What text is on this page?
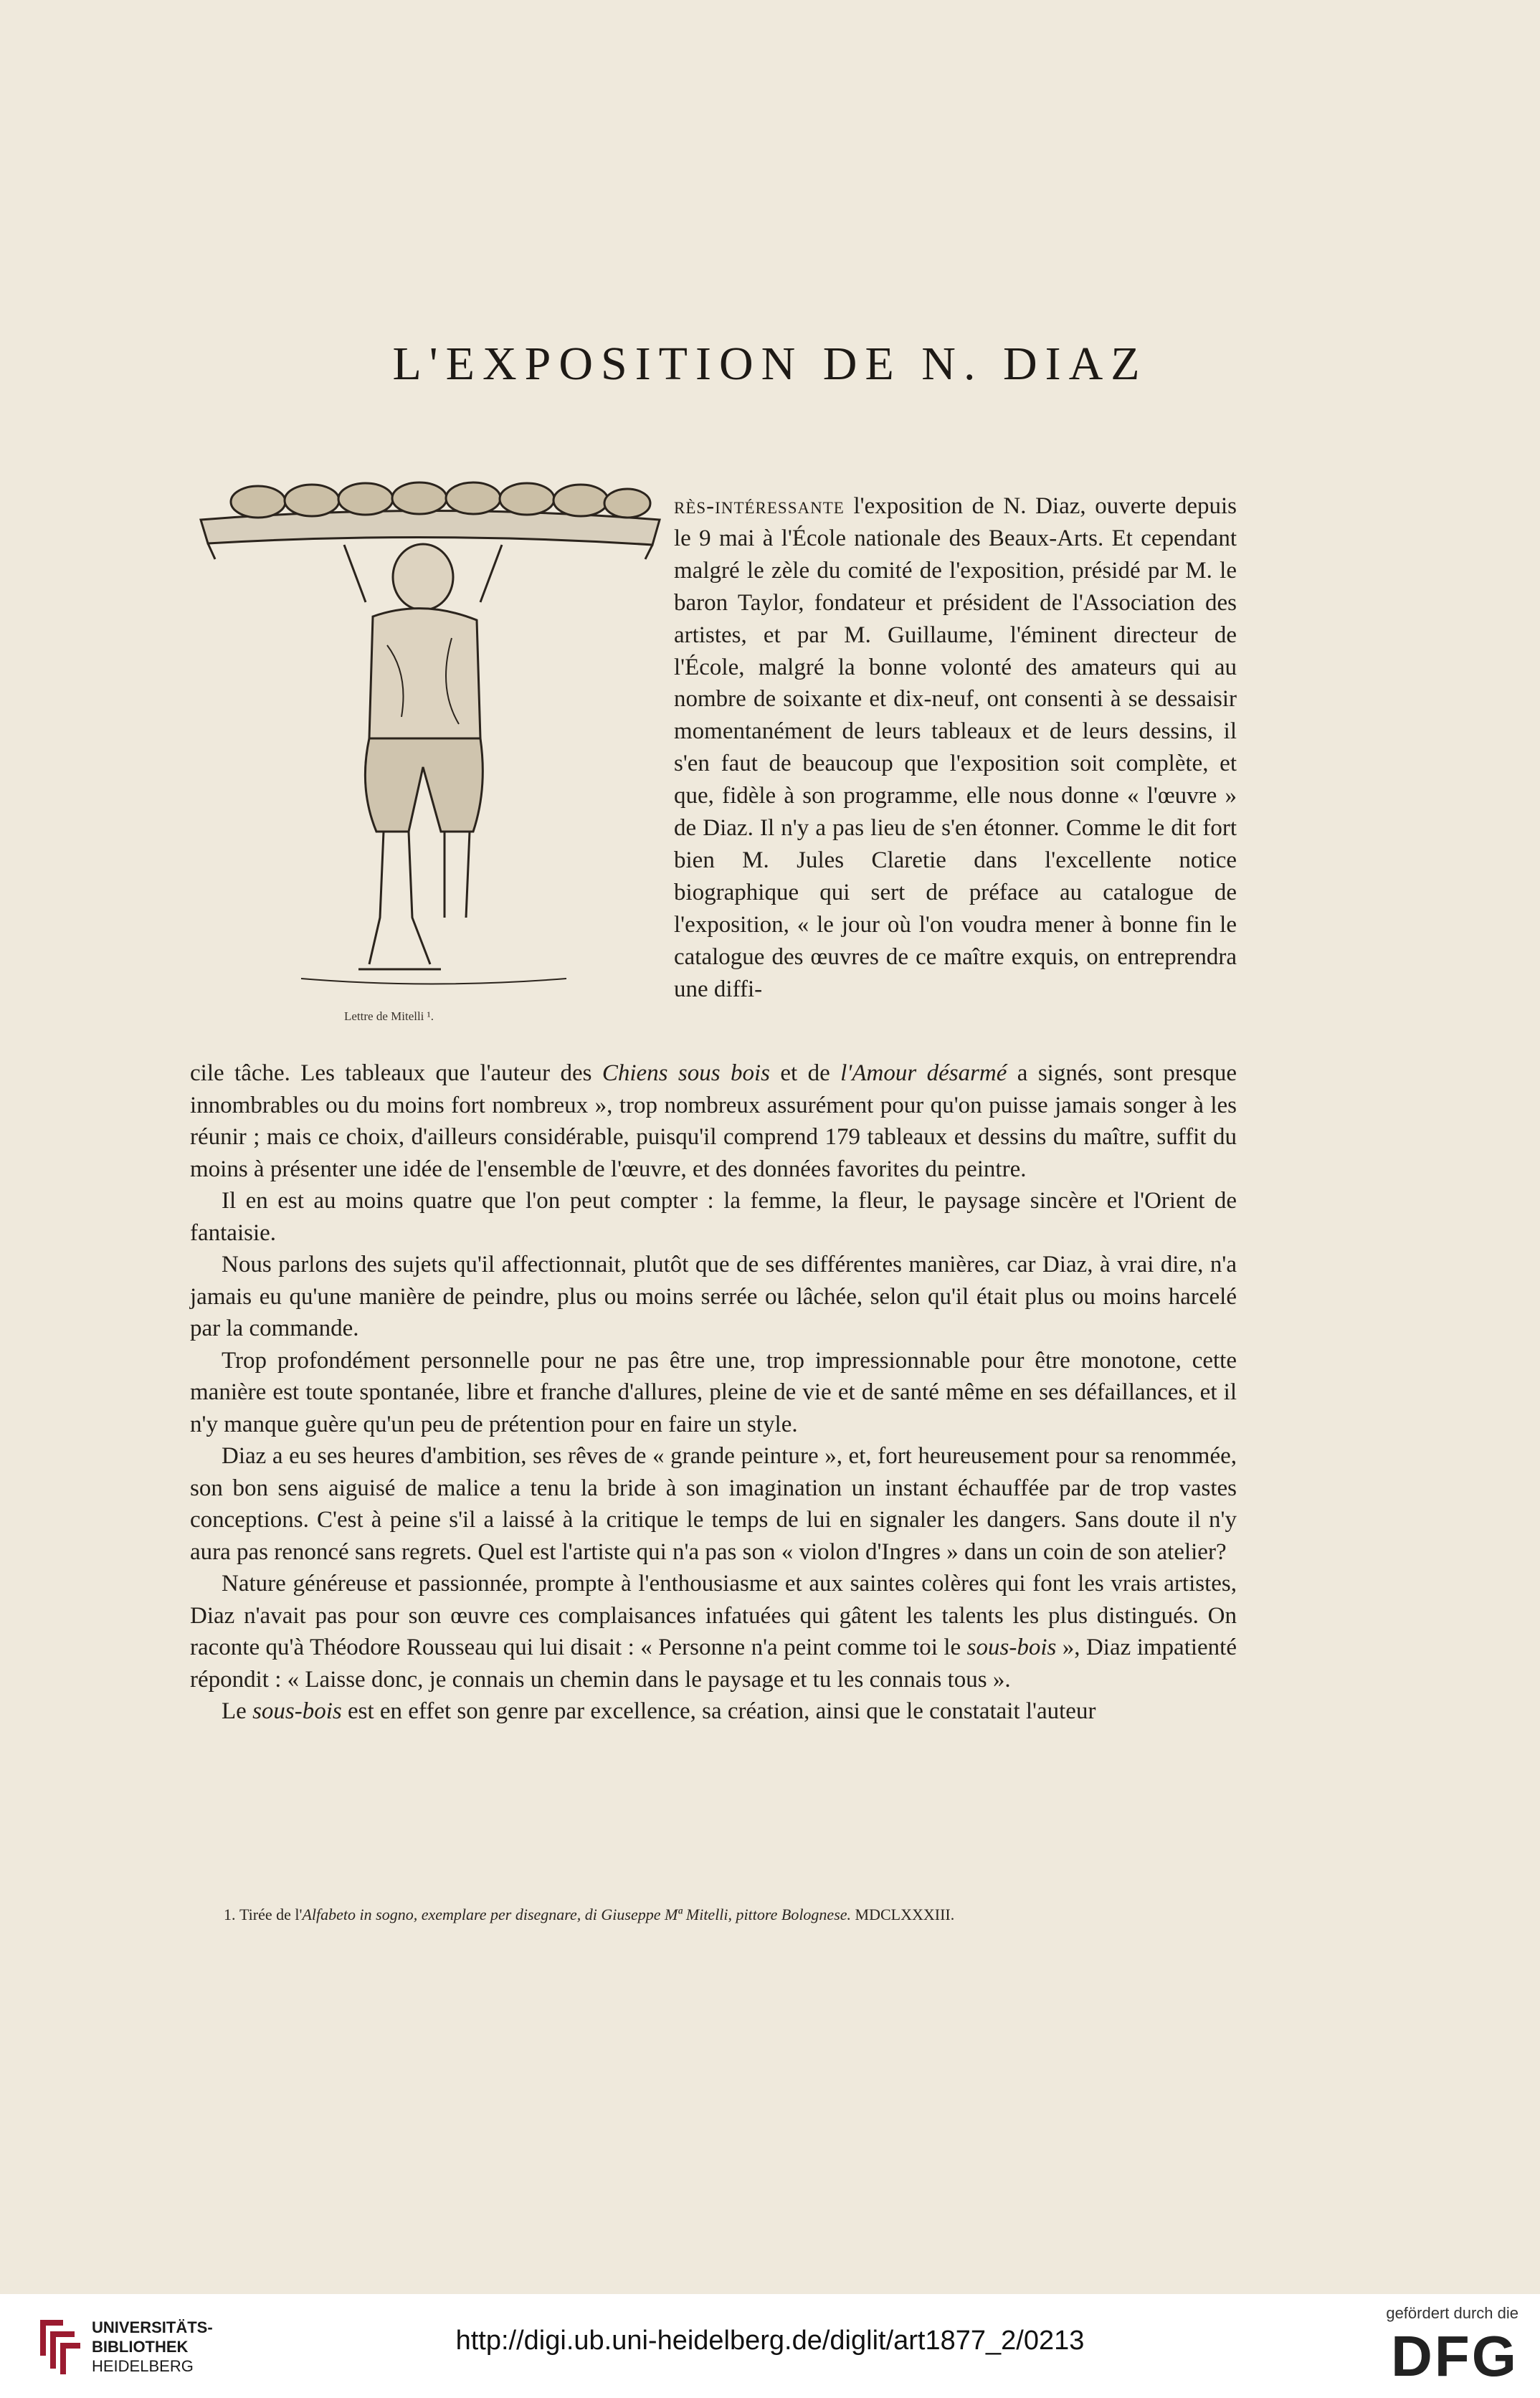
L'EXPOSITION DE N. DIAZ
Lettre de Mitelli ¹.

rès-intéressante l'exposition de N. Diaz, ouverte depuis le 9 mai à l'École nationale des Beaux-Arts. Et cependant malgré le zèle du comité de l'exposition, présidé par M. le baron Taylor, fondateur et président de l'Association des artistes, et par M. Guillaume, l'éminent directeur de l'École, malgré la bonne volonté des amateurs qui au nombre de soixante et dix-neuf, ont consenti à se dessaisir momentanément de leurs tableaux et de leurs dessins, il s'en faut de beaucoup que l'exposition soit complète, et que, fidèle à son programme, elle nous donne « l'œuvre » de Diaz. Il n'y a pas lieu de s'en étonner. Comme le dit fort bien M. Jules Claretie dans l'excellente notice biographique qui sert de préface au catalogue de l'exposition, « le jour où l'on voudra mener à bonne fin le catalogue des œuvres de ce maître exquis, on entreprendra une diffi-

cile tâche. Les tableaux que l'auteur des Chiens sous bois et de l'Amour désarmé a signés, sont presque innombrables ou du moins fort nombreux », trop nombreux assurément pour qu'on puisse jamais songer à les réunir ; mais ce choix, d'ailleurs considérable, puisqu'il comprend 179 tableaux et dessins du maître, suffit du moins à présenter une idée de l'ensemble de l'œuvre, et des données favorites du peintre.

Il en est au moins quatre que l'on peut compter : la femme, la fleur, le paysage sincère et l'Orient de fantaisie.

Nous parlons des sujets qu'il affectionnait, plutôt que de ses différentes manières, car Diaz, à vrai dire, n'a jamais eu qu'une manière de peindre, plus ou moins serrée ou lâchée, selon qu'il était plus ou moins harcelé par la commande.

Trop profondément personnelle pour ne pas être une, trop impressionnable pour être monotone, cette manière est toute spontanée, libre et franche d'allures, pleine de vie et de santé même en ses défaillances, et il n'y manque guère qu'un peu de prétention pour en faire un style.

Diaz a eu ses heures d'ambition, ses rêves de « grande peinture », et, fort heureusement pour sa renommée, son bon sens aiguisé de malice a tenu la bride à son imagination un instant échauffée par de trop vastes conceptions. C'est à peine s'il a laissé à la critique le temps de lui en signaler les dangers. Sans doute il n'y aura pas renoncé sans regrets. Quel est l'artiste qui n'a pas son « violon d'Ingres » dans un coin de son atelier?

Nature généreuse et passionnée, prompte à l'enthousiasme et aux saintes colères qui font les vrais artistes, Diaz n'avait pas pour son œuvre ces complaisances infatuées qui gâtent les talents les plus distingués. On raconte qu'à Théodore Rousseau qui lui disait : « Personne n'a peint comme toi le sous-bois », Diaz impatienté répondit : « Laisse donc, je connais un chemin dans le paysage et tu les connais tous ».

Le sous-bois est en effet son genre par excellence, sa création, ainsi que le constatait l'auteur

1. Tirée de l'Alfabeto in sogno, exemplare per disegnare, di Giuseppe Mª Mitelli, pittore Bolognese. MDCLXXXIII.
UNIVERSITÄTS-
BIBLIOTHEK
HEIDELBERG
http://digi.ub.uni-heidelberg.de/diglit/art1877_2/0213
gefördert durch die
DFG
